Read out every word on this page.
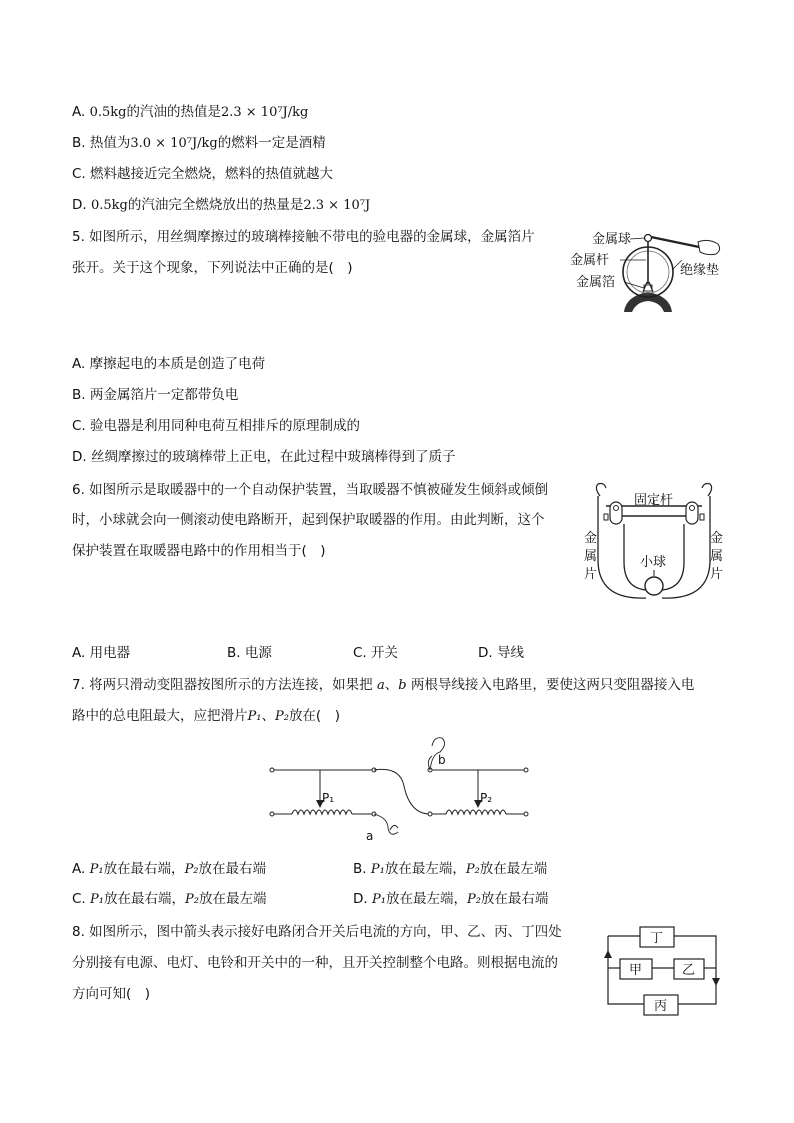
A. 0.5kg的汽油的热值是2.3 × 10⁷J/kg
B. 热值为3.0 × 10⁷J/kg的燃料一定是酒精
C. 燃料越接近完全燃烧，燃料的热值就越大
D. 0.5kg的汽油完全燃烧放出的热量是2.3 × 10⁷J
5. 如图所示，用丝绸摩擦过的玻璃棒接触不带电的验电器的金属球，金属箔片
张开。关于这个现象，下列说法中正确的是(　)
金属球
金属杆
金属箔
绝缘垫
A. 摩擦起电的本质是创造了电荷
B. 两金属箔片一定都带负电
C. 验电器是利用同种电荷互相排斥的原理制成的
D. 丝绸摩擦过的玻璃棒带上正电，在此过程中玻璃棒得到了质子
6. 如图所示是取暖器中的一个自动保护装置，当取暖器不慎被碰发生倾斜或倾倒
时，小球就会向一侧滚动使电路断开，起到保护取暖器的作用。由此判断，这个
保护装置在取暖器电路中的作用相当于(　)
固定杆
金
属
片
金
属
片
小球
A. 用电器	B. 电源	C. 开关	D. 导线
7. 将两只滑动变阻器按图所示的方法连接，如果把 a、b 两根导线接入电路里，要使这两只变阻器接入电
路中的总电阻最大，应把滑片P₁、P₂放在(　)
P₁	P₂
a
b
A. P₁放在最右端，P₂放在最右端	B. P₁放在最左端，P₂放在最左端
C. P₁放在最右端，P₂放在最左端	D. P₁放在最左端，P₂放在最右端
8. 如图所示，图中箭头表示接好电路闭合开关后电流的方向，甲、乙、丙、丁四处
分别接有电源、电灯、电铃和开关中的一种，且开关控制整个电路。则根据电流的
方向可知(　)
丁
甲	乙
丙
